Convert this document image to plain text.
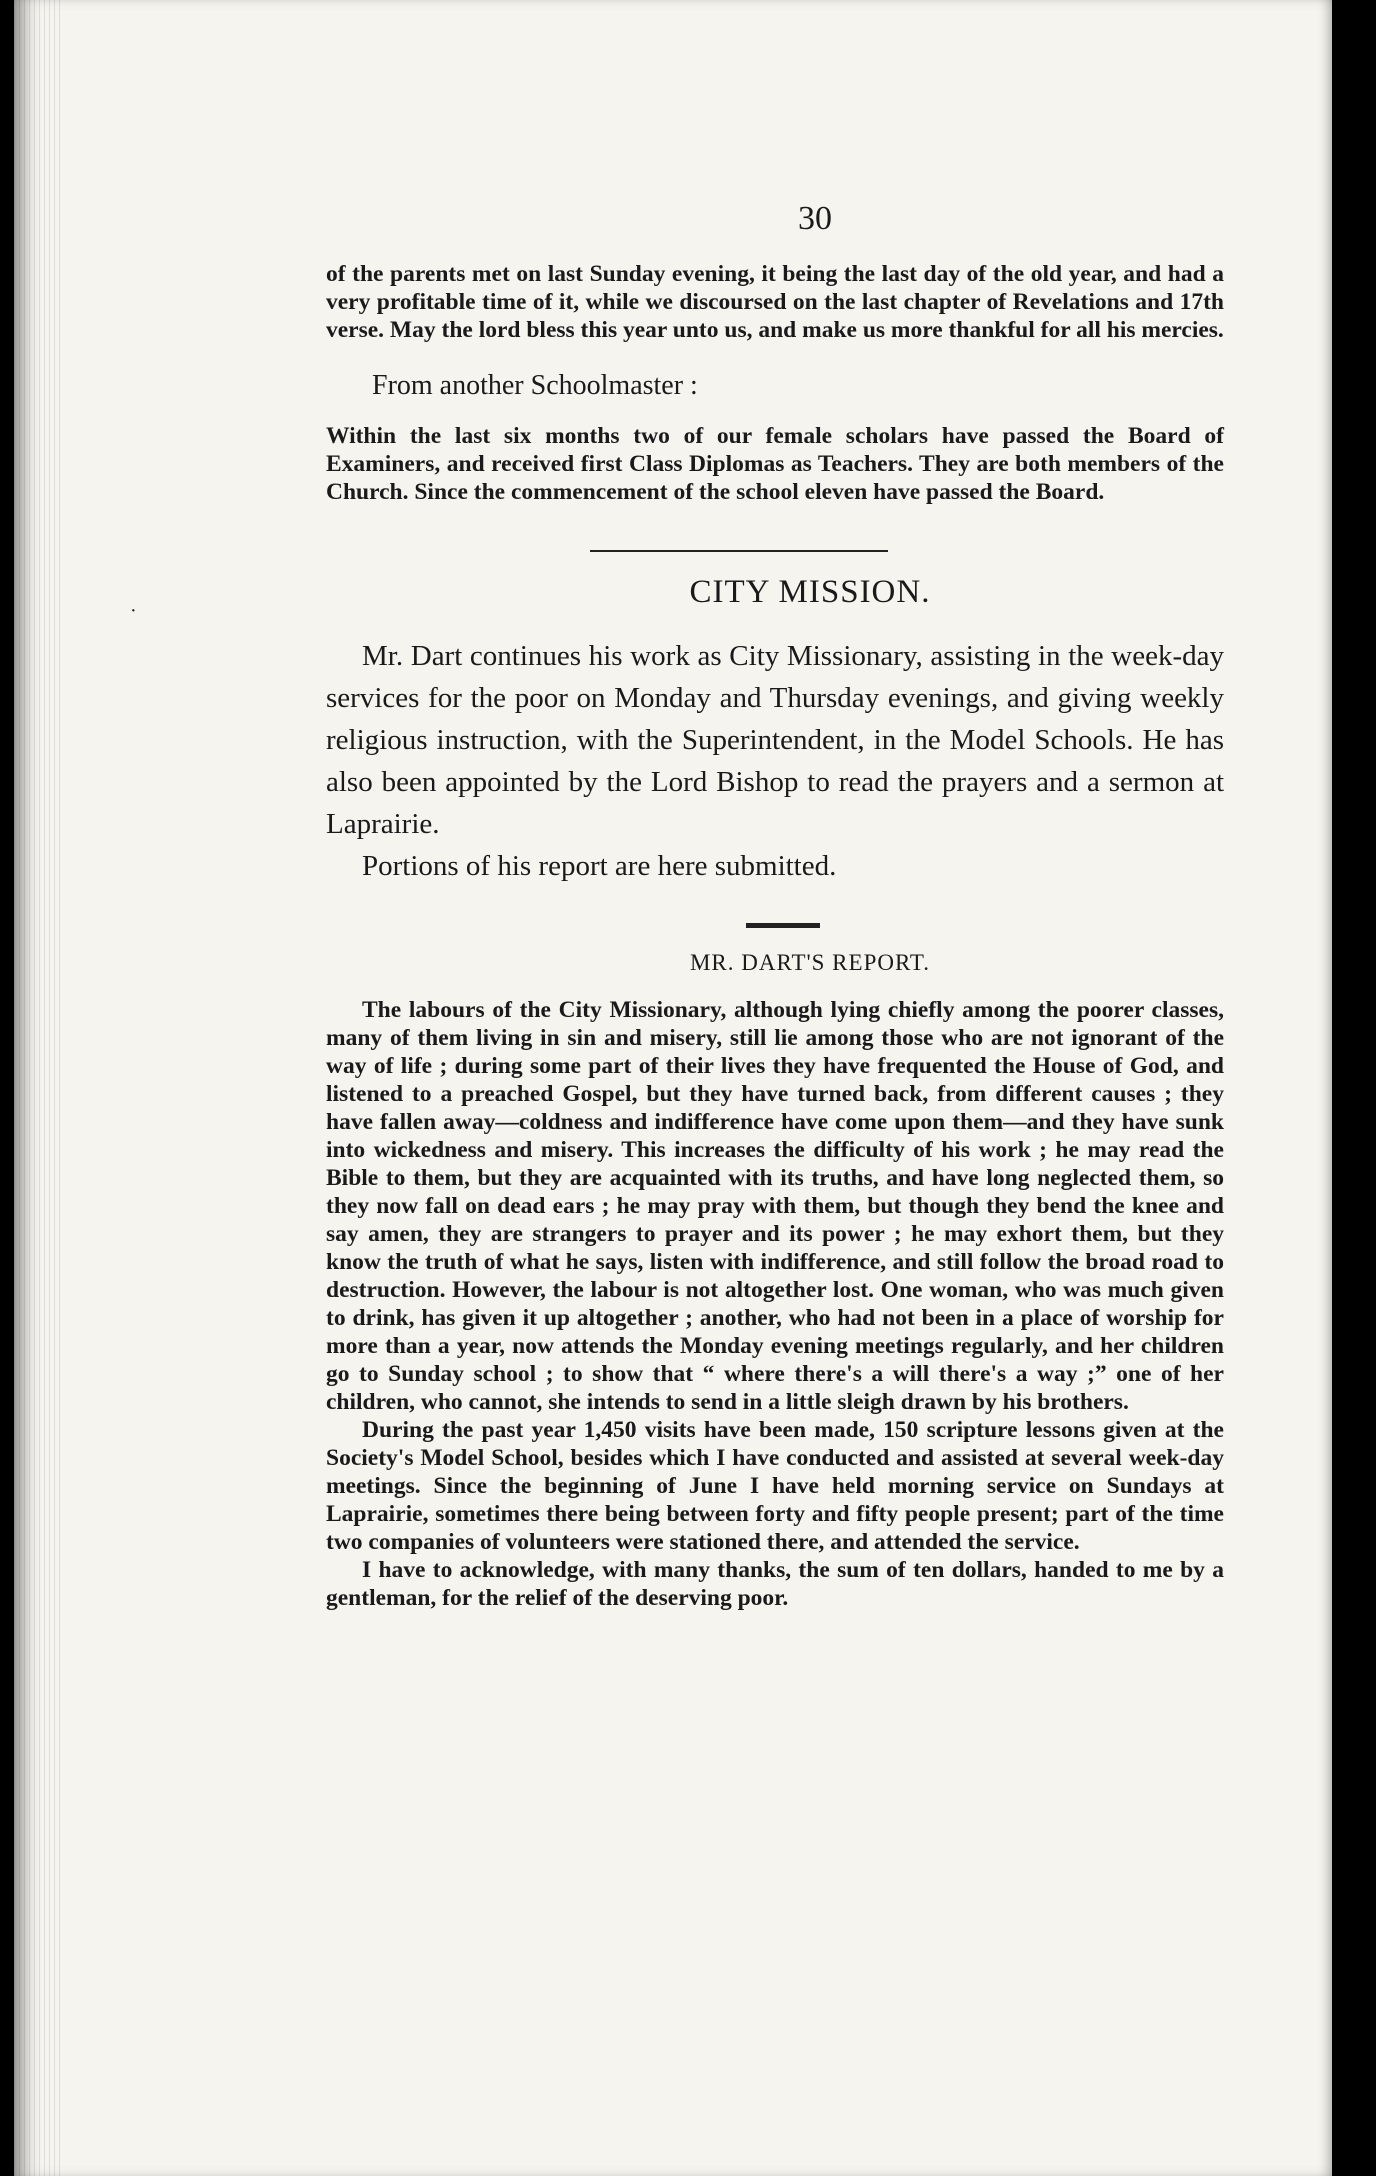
·
30

of the parents met on last Sunday evening, it being the last day of the old year, and had a very profitable time of it, while we discoursed on the last chapter of Revelations and 17th verse. May the lord bless this year unto us, and make us more thankful for all his mercies.

From another Schoolmaster :

Within the last six months two of our female scholars have passed the Board of Examiners, and received first Class Diplomas as Teachers. They are both members of the Church. Since the commencement of the school eleven have passed the Board.

CITY MISSION.

Mr. Dart continues his work as City Missionary, assisting in the week-day services for the poor on Monday and Thursday evenings, and giving weekly religious instruction, with the Superintendent, in the Model Schools. He has also been appointed by the Lord Bishop to read the prayers and a sermon at Laprairie.

Portions of his report are here submitted.

MR. DART'S REPORT.

The labours of the City Missionary, although lying chiefly among the poorer classes, many of them living in sin and misery, still lie among those who are not ignorant of the way of life ; during some part of their lives they have frequented the House of God, and listened to a preached Gospel, but they have turned back, from different causes ; they have fallen away—coldness and indifference have come upon them—and they have sunk into wickedness and misery. This increases the difficulty of his work ; he may read the Bible to them, but they are acquainted with its truths, and have long neglected them, so they now fall on dead ears ; he may pray with them, but though they bend the knee and say amen, they are strangers to prayer and its power ; he may exhort them, but they know the truth of what he says, listen with indifference, and still follow the broad road to destruction. However, the labour is not altogether lost. One woman, who was much given to drink, has given it up altogether ; another, who had not been in a place of worship for more than a year, now attends the Monday evening meetings regularly, and her children go to Sunday school ; to show that “ where there's a will there's a way ;” one of her children, who cannot, she intends to send in a little sleigh drawn by his brothers.

During the past year 1,450 visits have been made, 150 scripture lessons given at the Society's Model School, besides which I have conducted and assisted at several week-day meetings. Since the beginning of June I have held morning service on Sundays at Laprairie, sometimes there being between forty and fifty people present; part of the time two companies of volunteers were stationed there, and attended the service.

I have to acknowledge, with many thanks, the sum of ten dollars, handed to me by a gentleman, for the relief of the deserving poor.
